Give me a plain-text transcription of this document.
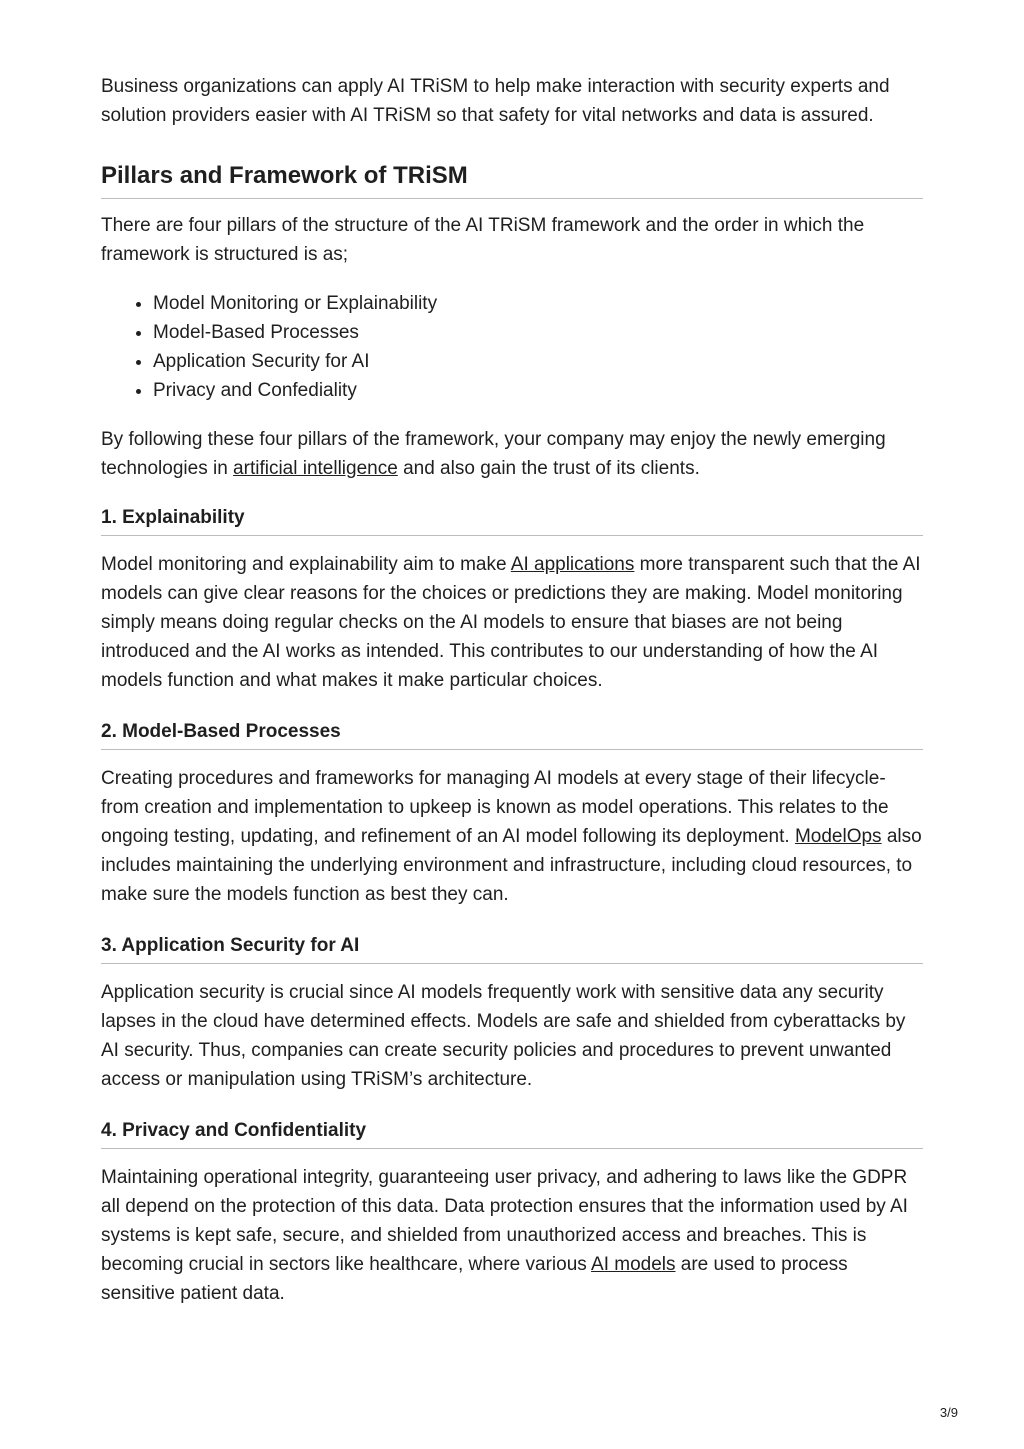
Business organizations can apply AI TRiSM to help make interaction with security experts and solution providers easier with AI TRiSM so that safety for vital networks and data is assured.

Pillars and Framework of TRiSM

There are four pillars of the structure of the AI TRiSM framework and the order in which the framework is structured is as;

• Model Monitoring or Explainability
• Model-Based Processes
• Application Security for AI
• Privacy and Confediality

By following these four pillars of the framework, your company may enjoy the newly emerging technologies in artificial intelligence and also gain the trust of its clients.

1. Explainability

Model monitoring and explainability aim to make AI applications more transparent such that the AI models can give clear reasons for the choices or predictions they are making. Model monitoring simply means doing regular checks on the AI models to ensure that biases are not being introduced and the AI works as intended. This contributes to our understanding of how the AI models function and what makes it make particular choices.

2. Model-Based Processes

Creating procedures and frameworks for managing AI models at every stage of their lifecycle- from creation and implementation to upkeep is known as model operations. This relates to the ongoing testing, updating, and refinement of an AI model following its deployment. ModelOps also includes maintaining the underlying environment and infrastructure, including cloud resources, to make sure the models function as best they can.

3. Application Security for AI

Application security is crucial since AI models frequently work with sensitive data any security lapses in the cloud have determined effects. Models are safe and shielded from cyberattacks by AI security. Thus, companies can create security policies and procedures to prevent unwanted access or manipulation using TRiSM’s architecture.

4. Privacy and Confidentiality

Maintaining operational integrity, guaranteeing user privacy, and adhering to laws like the GDPR all depend on the protection of this data. Data protection ensures that the information used by AI systems is kept safe, secure, and shielded from unauthorized access and breaches. This is becoming crucial in sectors like healthcare, where various AI models are used to process sensitive patient data.

3/9
